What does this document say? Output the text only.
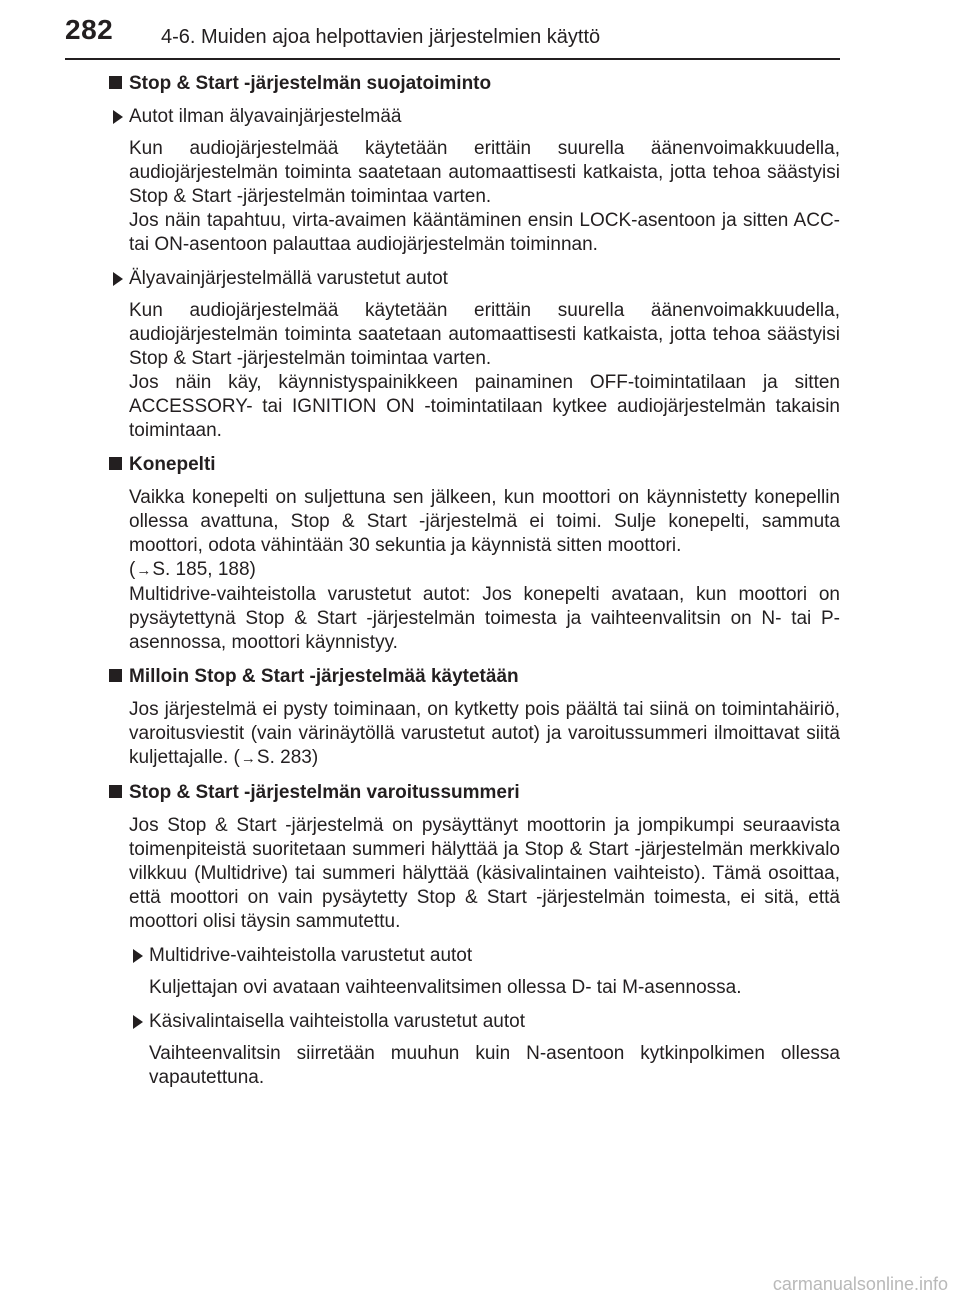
282 4-6. Muiden ajoa helpottavien järjestelmien käyttö
Stop & Start -järjestelmän suojatoiminto
Autot ilman älyavainjärjestelmää

Kun audiojärjestelmää käytetään erittäin suurella äänenvoimakkuudella, audiojärjestelmän toiminta saatetaan automaattisesti katkaista, jotta tehoa säästyisi Stop & Start -järjestelmän toimintaa varten.

Jos näin tapahtuu, virta-avaimen kääntäminen ensin LOCK-asentoon ja sitten ACC- tai ON-asentoon palauttaa audiojärjestelmän toiminnan.

Älyavainjärjestelmällä varustetut autot

Kun audiojärjestelmää käytetään erittäin suurella äänenvoimakkuudella, audiojärjestelmän toiminta saatetaan automaattisesti katkaista, jotta tehoa säästyisi Stop & Start -järjestelmän toimintaa varten.

Jos näin käy, käynnistyspainikkeen painaminen OFF-toimintatilaan ja sitten ACCESSORY- tai IGNITION ON -toimintatilaan kytkee audiojärjestelmän takaisin toimintaan.

Konepelti

Vaikka konepelti on suljettuna sen jälkeen, kun moottori on käynnistetty konepellin ollessa avattuna, Stop & Start -järjestelmä ei toimi. Sulje konepelti, sammuta moottori, odota vähintään 30 sekuntia ja käynnistä sitten moottori.

(→S. 185, 188)

Multidrive-vaihteistolla varustetut autot: Jos konepelti avataan, kun moottori on pysäytettynä Stop & Start -järjestelmän toimesta ja vaihteenvalitsin on N- tai P-asennossa, moottori käynnistyy.

Milloin Stop & Start -järjestelmää käytetään

Jos järjestelmä ei pysty toiminaan, on kytketty pois päältä tai siinä on toimintahäiriö, varoitusviestit (vain värinäytöllä varustetut autot) ja varoitussummeri ilmoittavat siitä kuljettajalle. (→S. 283)

Stop & Start -järjestelmän varoitussummeri

Jos Stop & Start -järjestelmä on pysäyttänyt moottorin ja jompikumpi seuraavista toimenpiteistä suoritetaan summeri hälyttää ja Stop & Start -järjestelmän merkkivalo vilkkuu (Multidrive) tai summeri hälyttää (käsivalintainen vaihteisto). Tämä osoittaa, että moottori on vain pysäytetty Stop & Start -järjestelmän toimesta, ei sitä, että moottori olisi täysin sammutettu.

Multidrive-vaihteistolla varustetut autot

Kuljettajan ovi avataan vaihteenvalitsimen ollessa D- tai M-asennossa.

Käsivalintaisella vaihteistolla varustetut autot

Vaihteenvalitsin siirretään muuhun kuin N-asentoon kytkinpolkimen ollessa vapautettuna.

carmanualsonline.info
